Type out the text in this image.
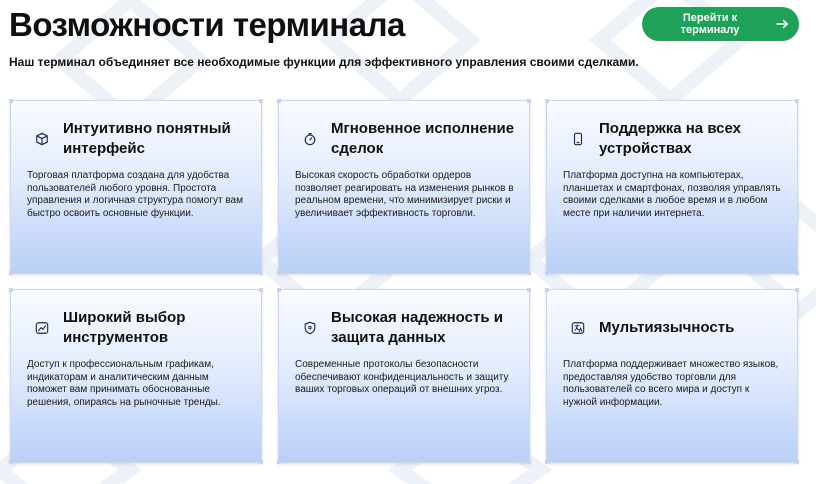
Возможности терминала

Наш терминал объединяет все необходимые функции для эффективного управления своими сделками.

Перейти к терминалу
Интуитивно понятный интерфейс

Торговая платформа создана для удобства пользователей любого уровня. Простота управления и логичная структура помогут вам быстро освоить основные функции.

Мгновенное исполнение сделок

Высокая скорость обработки ордеров позволяет реагировать на изменения рынков в реальном времени, что минимизирует риски и увеличивает эффективность торговли.

Поддержка на всех устройствах

Платформа доступна на компьютерах, планшетах и смартфонах, позволяя управлять своими сделками в любое время и в любом месте при наличии интернета.

Широкий выбор инструментов

Доступ к профессиональным графикам, индикаторам и аналитическим данным поможет вам принимать обоснованные решения, опираясь на рыночные тренды.

Высокая надежность и защита данных

Современные протоколы безопасности обеспечивают конфиденциальность и защиту ваших торговых операций от внешних угроз.

Мультиязычность

Платформа поддерживает множество языков, предоставляя удобство торговли для пользователей со всего мира и доступ к нужной информации.
